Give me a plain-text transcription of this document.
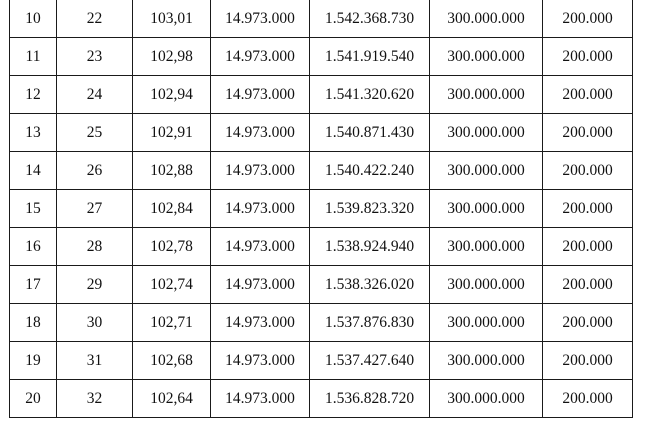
10	22	103,01	14.973.000	1.542.368.730	300.000.000	200.000
11	23	102,98	14.973.000	1.541.919.540	300.000.000	200.000
12	24	102,94	14.973.000	1.541.320.620	300.000.000	200.000
13	25	102,91	14.973.000	1.540.871.430	300.000.000	200.000
14	26	102,88	14.973.000	1.540.422.240	300.000.000	200.000
15	27	102,84	14.973.000	1.539.823.320	300.000.000	200.000
16	28	102,78	14.973.000	1.538.924.940	300.000.000	200.000
17	29	102,74	14.973.000	1.538.326.020	300.000.000	200.000
18	30	102,71	14.973.000	1.537.876.830	300.000.000	200.000
19	31	102,68	14.973.000	1.537.427.640	300.000.000	200.000
20	32	102,64	14.973.000	1.536.828.720	300.000.000	200.000
